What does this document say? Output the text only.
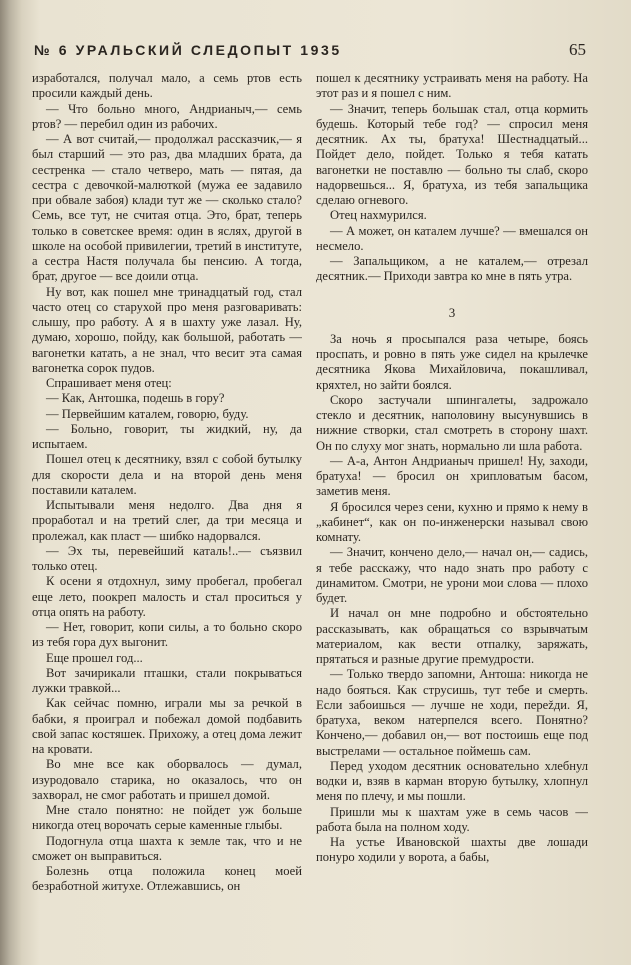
№ 6 УРАЛЬСКИЙ СЛЕДОПЫТ 1935	65

изработался, получал мало, а семь ртов есть просили каждый день.

— Что больно много, Андрианыч,— семь ртов? — перебил один из рабочих.

— А вот считай,— продолжал рассказчик,— я был старший — это раз, два младших брата, да сестренка — стало четверо, мать — пятая, да сестра с девочкой-малюткой (мужа ее задавило при обвале забоя) клади тут же — сколько стало? Семь, все тут, не считая отца. Это, брат, теперь только в советскее время: один в яслях, другой в школе на особой привилегии, третий в институте, а сестра Настя получала бы пенсию. А тогда, брат, другое — все доили отца.

Ну вот, как пошел мне тринадцатый год, стал часто отец со старухой про меня разговаривать: слышу, про работу. А я в шахту уже лазал. Ну, думаю, хорошо, пойду, как большой, работать — вагонетки катать, а не знал, что весит эта самая вагонетка сорок пудов.

Спрашивает меня отец:

— Как, Антошка, подешь в гору?

— Первейшим каталем, говорю, буду.

— Больно, говорит, ты жидкий, ну, да испытаем.

Пошел отец к десятнику, взял с собой бутылку для скорости дела и на второй день меня поставили каталем.

Испытывали меня недолго. Два дня я проработал и на третий слег, да три месяца и пролежал, как пласт — шибко надорвался.

— Эх ты, перевейший каталь!..— съязвил только отец.

К осени я отдохнул, зиму пробегал, пробегал еще лето, поокреп малость и стал проситься у отца опять на работу.

— Нет, говорит, копи силы, а то больно скоро из тебя гора дух выгонит.

Еще прошел год...

Вот зачирикали пташки, стали покрываться лужки травкой...

Как сейчас помню, играли мы за речкой в бабки, я проиграл и побежал домой подбавить свой запас костяшек. Прихожу, а отец дома лежит на кровати.

Во мне все как оборвалось — думал, изуродовало старика, но оказалось, что он захворал, не смог работать и пришел домой.

Мне стало понятно: не пойдет уж больше никогда отец ворочать серые каменные глыбы.

Подогнула отца шахта к земле так, что и не сможет он выправиться.

Болезнь отца положила конец моей безработной житухе. Отлежавшись, он

пошел к десятнику устраивать меня на работу. На этот раз и я пошел с ним.

— Значит, теперь большак стал, отца кормить будешь. Который тебе год? — спросил меня десятник. Ах ты, братуха! Шестнадцатый... Пойдет дело, пойдет. Только я тебя катать вагонетки не поставлю — больно ты слаб, скоро надорвешься... Я, братуха, из тебя запальщика сделаю огневого.

Отец нахмурился.

— А может, он каталем лучше? — вмешался он несмело.

— Запальщиком, а не каталем,— отрезал десятник.— Приходи завтра ко мне в пять утра.

3

За ночь я просыпался раза четыре, боясь проспать, и ровно в пять уже сидел на крылечке десятника Якова Михайловича, покашливал, кряхтел, но зайти боялся.

Скоро застучали шпингалеты, задрожало стекло и десятник, наполовину высунувшись в нижние створки, стал смотреть в сторону шахт. Он по слуху мог знать, нормально ли шла работа.

— А-а, Антон Андрианыч пришел! Ну, заходи, братуха! — бросил он хрипловатым басом, заметив меня.

Я бросился через сени, кухню и прямо к нему в „кабинет“, как он по-инженерски называл свою комнату.

— Значит, кончено дело,— начал он,— садись, я тебе расскажу, что надо знать про работу с динамитом. Смотри, не урони мои слова — плохо будет.

И начал он мне подробно и обстоятельно рассказывать, как обращаться со взрывчатым материалом, как вести отпалку, заряжать, прятаться и разные другие премудрости.

— Только твердо запомни, Антоша: никогда не надо бояться. Как струсишь, тут тебе и смерть. Если забоишься — лучше не ходи, перežди. Я, братуха, веком натерпелся всего. Понятно? Кончено,— добавил он,— вот постоишь еще под выстрелами — остальное поймешь сам.

Перед уходом десятник основательно хлебнул водки и, взяв в карман вторую бутылку, хлопнул меня по плечу, и мы пошли.

Пришли мы к шахтам уже в семь часов — работа была на полном ходу.

На устье Ивановской шахты две лошади понуро ходили у ворота, а бабы,
